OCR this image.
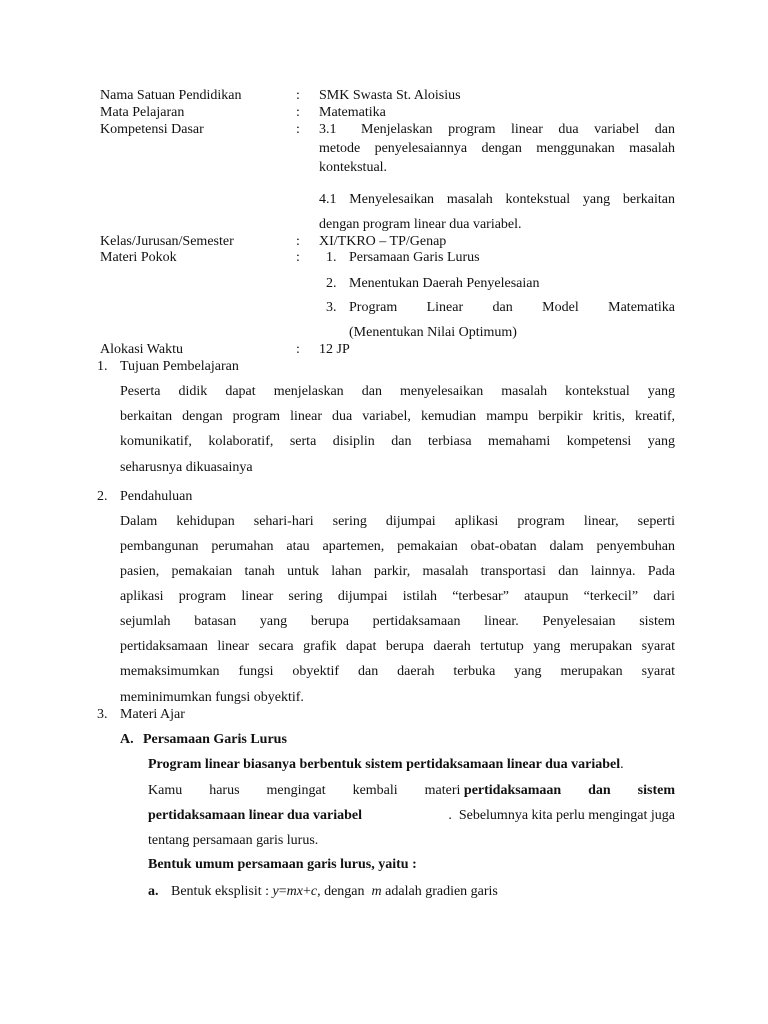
Nama Satuan Pendidikan	: SMK Swasta St. Aloisius
Mata Pelajaran	: Matematika
Kompetensi Dasar	: 3.1 Menjelaskan program linear dua variabel dan
metode penyelesaiannya dengan menggunakan masalah
kontekstual.
4.1 Menyelesaikan masalah kontekstual yang berkaitan
dengan program linear dua variabel.
Kelas/Jurusan/Semester	: XI/TKRO – TP/Genap
Materi Pokok	: 1. Persamaan Garis Lurus
2. Menentukan Daerah Penyelesaian
3. Program Linear dan Model Matematika
(Menentukan Nilai Optimum)
Alokasi Waktu	: 12 JP
1. Tujuan Pembelajaran
Peserta didik dapat menjelaskan dan menyelesaikan masalah kontekstual yang
berkaitan dengan program linear dua variabel, kemudian mampu berpikir kritis, kreatif,
komunikatif, kolaboratif, serta disiplin dan terbiasa memahami kompetensi yang
seharusnya dikuasainya
2. Pendahuluan
Dalam kehidupan sehari-hari sering dijumpai aplikasi program linear, seperti
pembangunan perumahan atau apartemen, pemakaian obat-obatan dalam penyembuhan
pasien, pemakaian tanah untuk lahan parkir, masalah transportasi dan lainnya. Pada
aplikasi program linear sering dijumpai istilah “terbesar” ataupun “terkecil” dari
sejumlah batasan yang berupa pertidaksamaan linear. Penyelesaian sistem
pertidaksamaan linear secara grafik dapat berupa daerah tertutup yang merupakan syarat
memaksimumkan fungsi obyektif dan daerah terbuka yang merupakan syarat
meminimumkan fungsi obyektif.
3. Materi Ajar
A. Persamaan Garis Lurus
Program linear biasanya berbentuk sistem pertidaksamaan linear dua variabel.
Kamu harus mengingat kembali materi pertidaksamaan dan sistem
pertidaksamaan linear dua variabel	.  Sebelumnya kita perlu mengingat juga
tentang persamaan garis lurus.
Bentuk umum persamaan garis lurus, yaitu :
a. Bentuk eksplisit : y=mx+c, dengan m adalah gradien garis
